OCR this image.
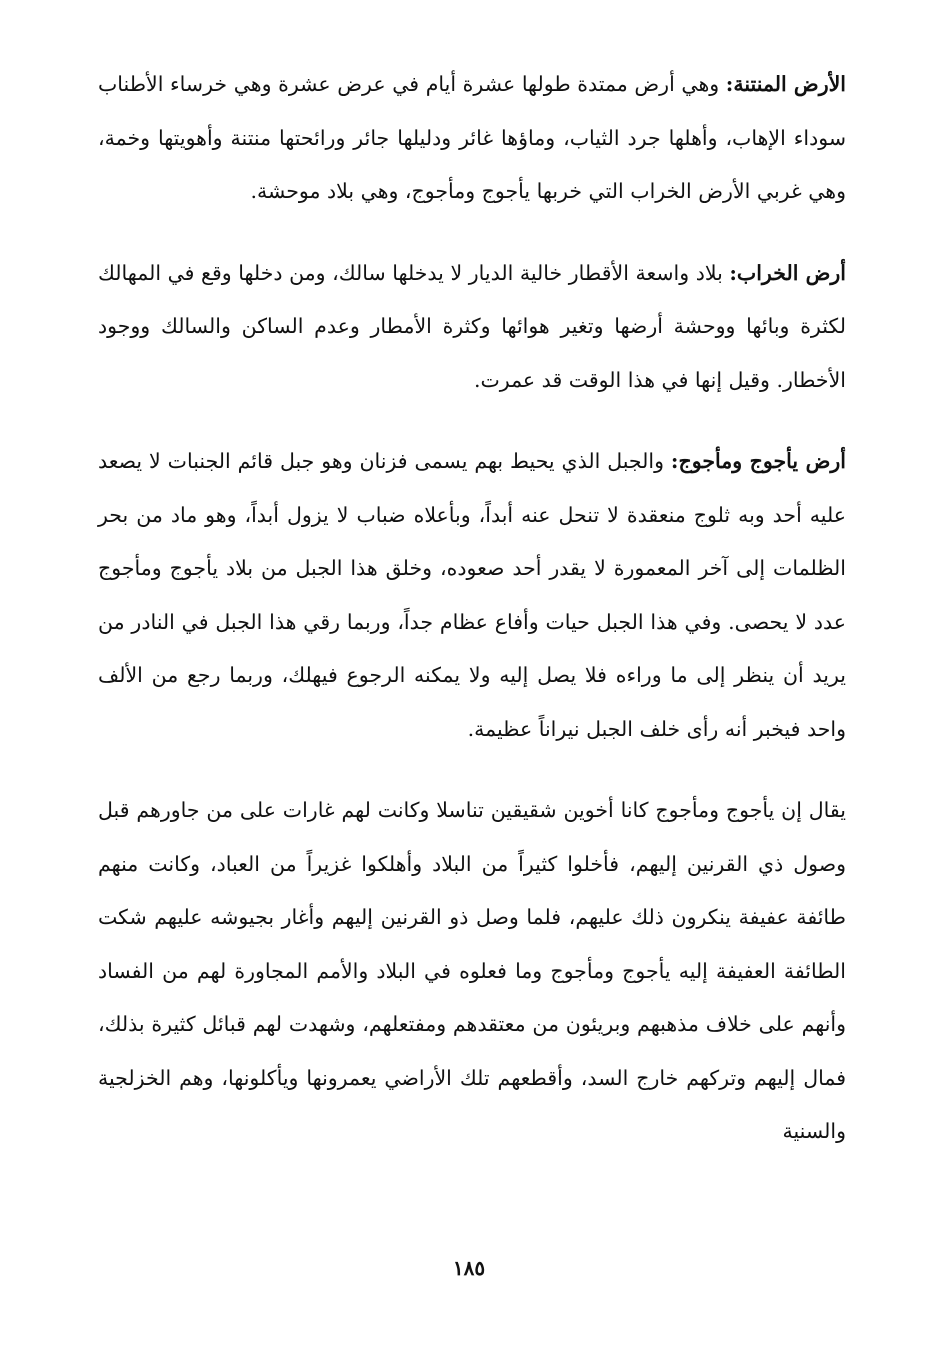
الأرض المنتنة: وهي أرض ممتدة طولها عشرة أيام في عرض عشرة وهي خرساء الأطناب سوداء الإهاب، وأهلها جرد الثياب، وماؤها غائر ودليلها جائر ورائحتها منتنة وأهويتها وخمة، وهي غربي الأرض الخراب التي خربها يأجوج ومأجوج، وهي بلاد موحشة.

أرض الخراب: بلاد واسعة الأقطار خالية الديار لا يدخلها سالك، ومن دخلها وقع في المهالك لكثرة وبائها ووحشة أرضها وتغير هوائها وكثرة الأمطار وعدم الساكن والسالك ووجود الأخطار. وقيل إنها في هذا الوقت قد عمرت.

أرض يأجوج ومأجوج: والجبل الذي يحيط بهم يسمى فزنان وهو جبل قائم الجنبات لا يصعد عليه أحد وبه ثلوج منعقدة لا تنحل عنه أبداً، وبأعلاه ضباب لا يزول أبداً، وهو ماد من بحر الظلمات إلى آخر المعمورة لا يقدر أحد صعوده، وخلق هذا الجبل من بلاد يأجوج ومأجوج عدد لا يحصى. وفي هذا الجبل حيات وأفاع عظام جداً، وربما رقي هذا الجبل في النادر من يريد أن ينظر إلى ما وراءه فلا يصل إليه ولا يمكنه الرجوع فيهلك، وربما رجع من الألف واحد فيخبر أنه رأى خلف الجبل نيراناً عظيمة.

يقال إن يأجوج ومأجوج كانا أخوين شقيقين تناسلا وكانت لهم غارات على من جاورهم قبل وصول ذي القرنين إليهم، فأخلوا كثيراً من البلاد وأهلكوا غزيراً من العباد، وكانت منهم طائفة عفيفة ينكرون ذلك عليهم، فلما وصل ذو القرنين إليهم وأغار بجيوشه عليهم شكت الطائفة العفيفة إليه يأجوج ومأجوج وما فعلوه في البلاد والأمم المجاورة لهم من الفساد وأنهم على خلاف مذهبهم وبريئون من معتقدهم ومفتعلهم، وشهدت لهم قبائل كثيرة بذلك، فمال إليهم وتركهم خارج السد، وأقطعهم تلك الأراضي يعمرونها ويأكلونها، وهم الخزلجية والسنية

١٨٥
